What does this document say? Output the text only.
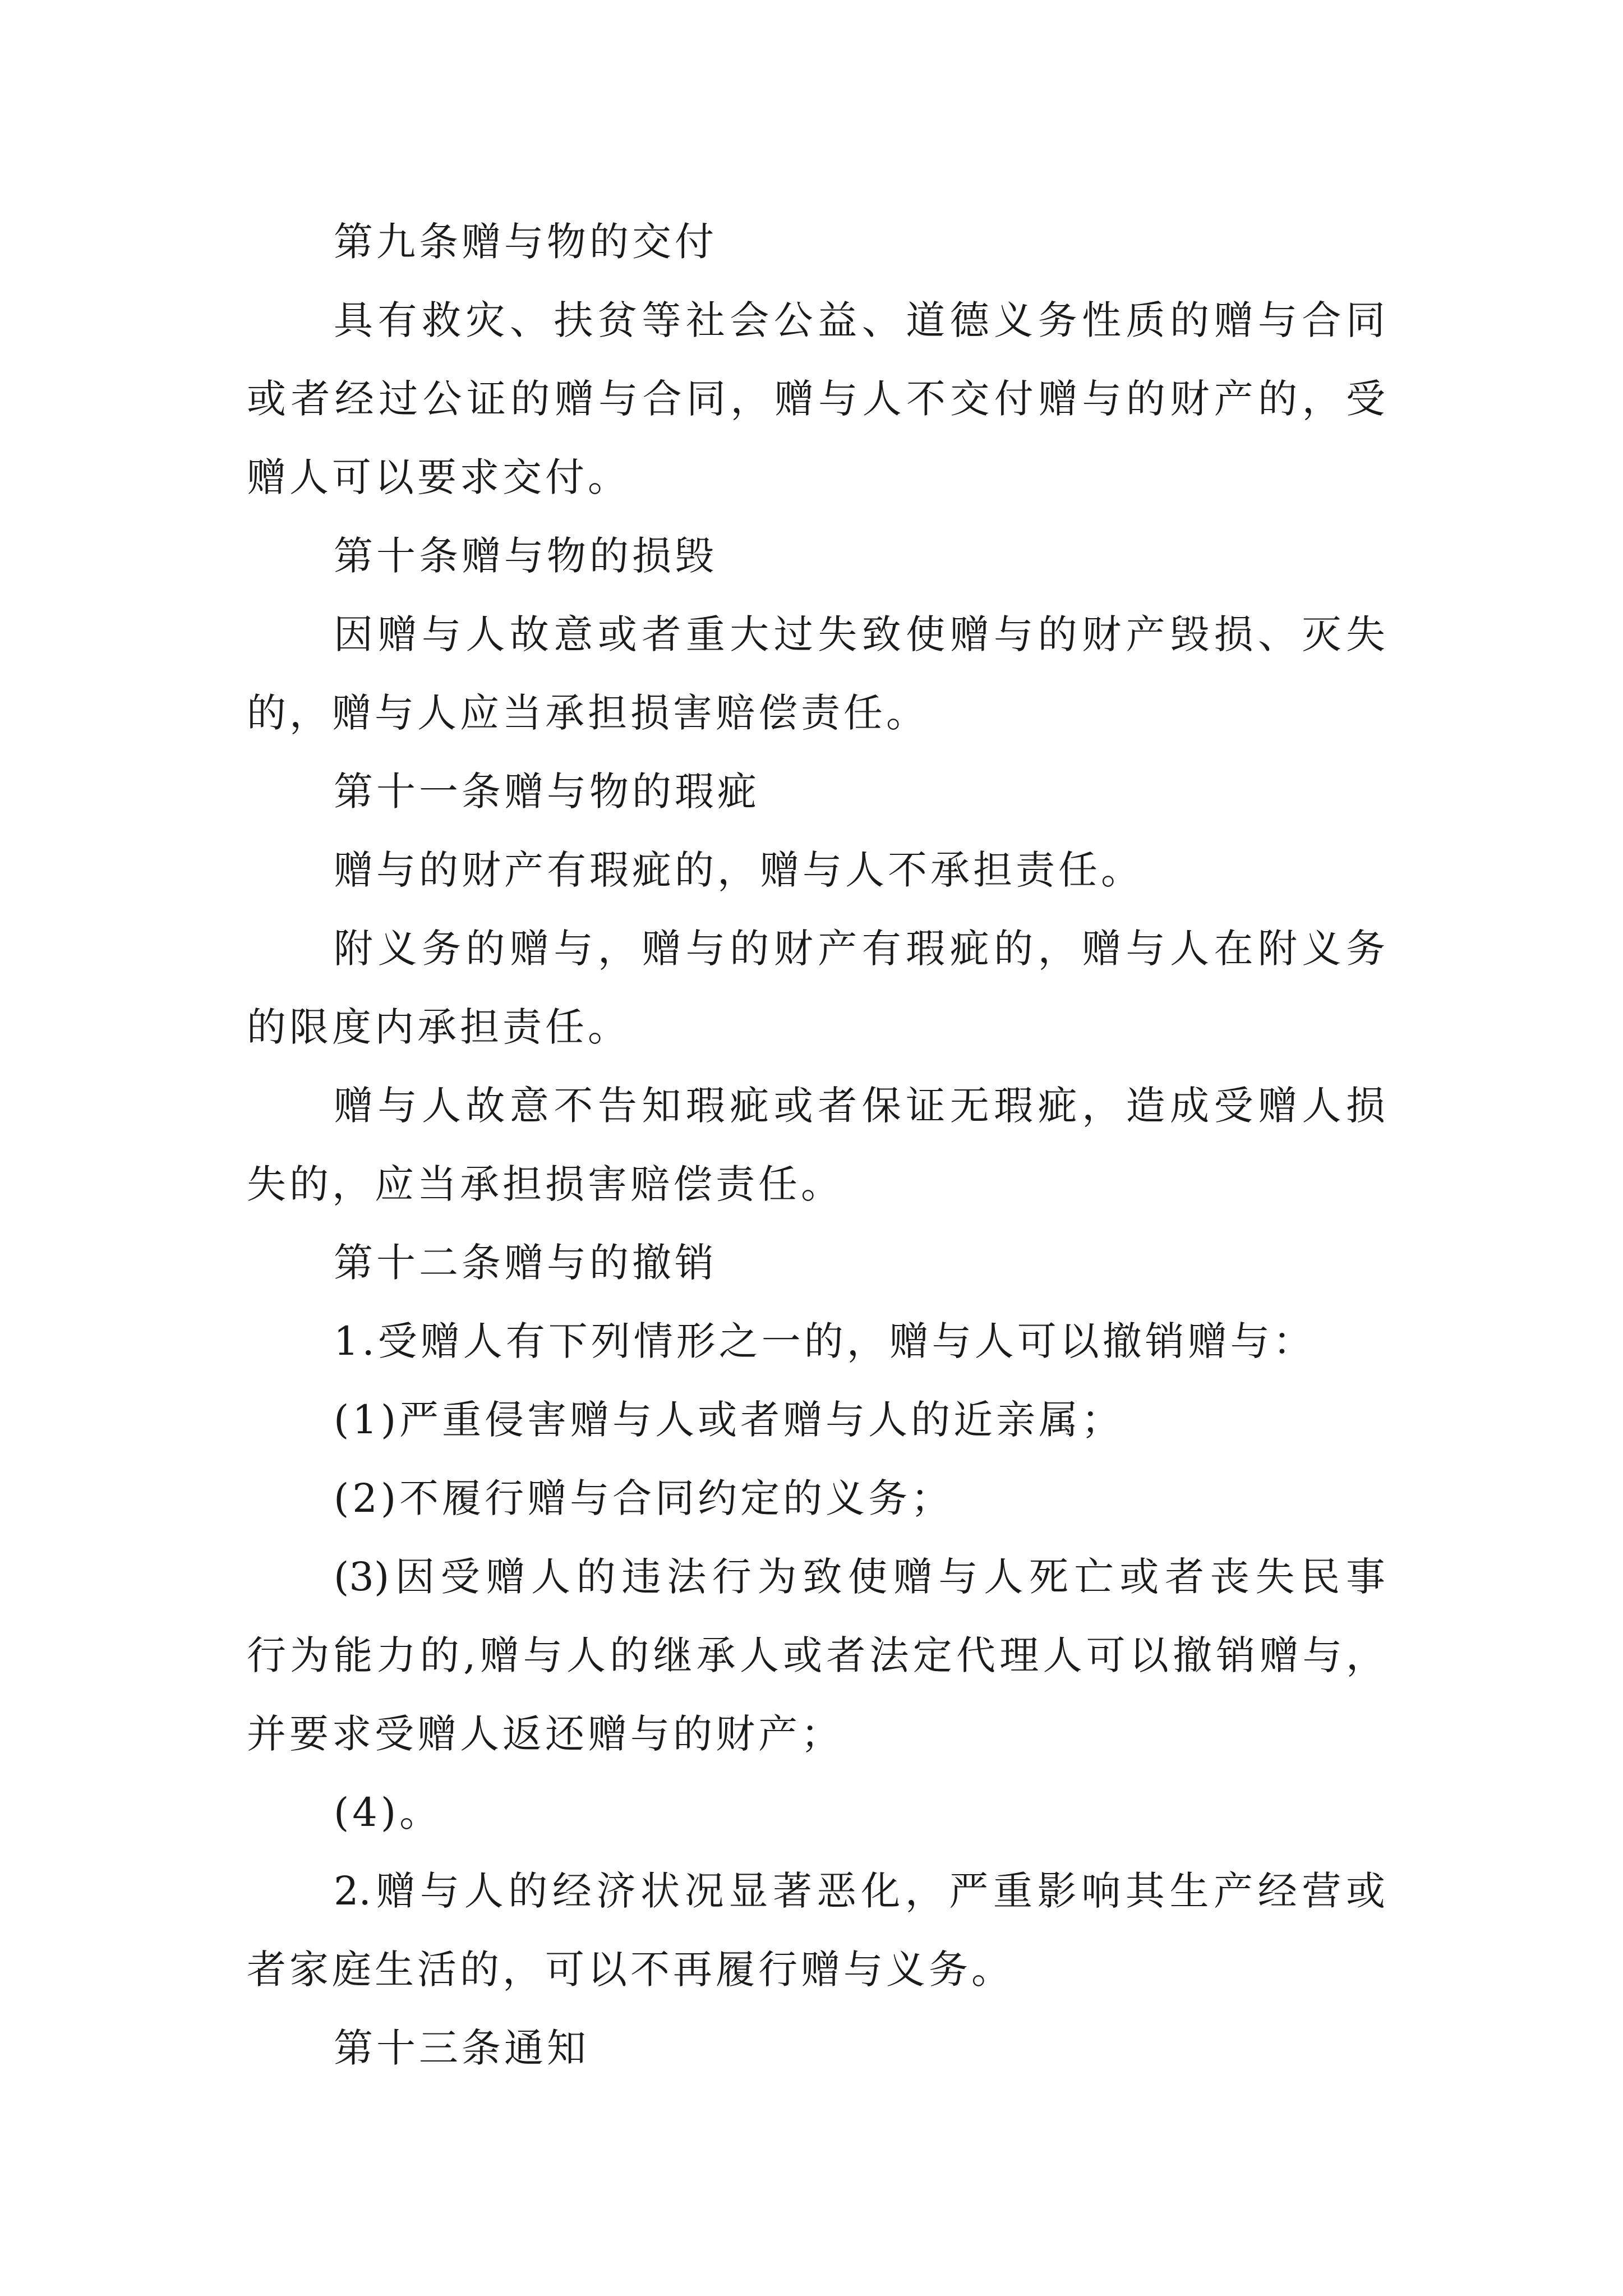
第九条赠与物的交付
具有救灾、扶贫等社会公益、道德义务性质的赠与合同
或者经过公证的赠与合同，赠与人不交付赠与的财产的，受
赠人可以要求交付。
第十条赠与物的损毁
因赠与人故意或者重大过失致使赠与的财产毁损、灭失
的，赠与人应当承担损害赔偿责任。
第十一条赠与物的瑕疵
赠与的财产有瑕疵的，赠与人不承担责任。
附义务的赠与，赠与的财产有瑕疵的，赠与人在附义务
的限度内承担责任。
赠与人故意不告知瑕疵或者保证无瑕疵，造成受赠人损
失的，应当承担损害赔偿责任。
第十二条赠与的撤销
1.受赠人有下列情形之一的，赠与人可以撤销赠与：
(1)严重侵害赠与人或者赠与人的近亲属；
(2)不履行赠与合同约定的义务；
(3)因受赠人的违法行为致使赠与人死亡或者丧失民事
行为能力的,赠与人的继承人或者法定代理人可以撤销赠与，
并要求受赠人返还赠与的财产；
(4)。
2.赠与人的经济状况显著恶化，严重影响其生产经营或
者家庭生活的，可以不再履行赠与义务。
第十三条通知
